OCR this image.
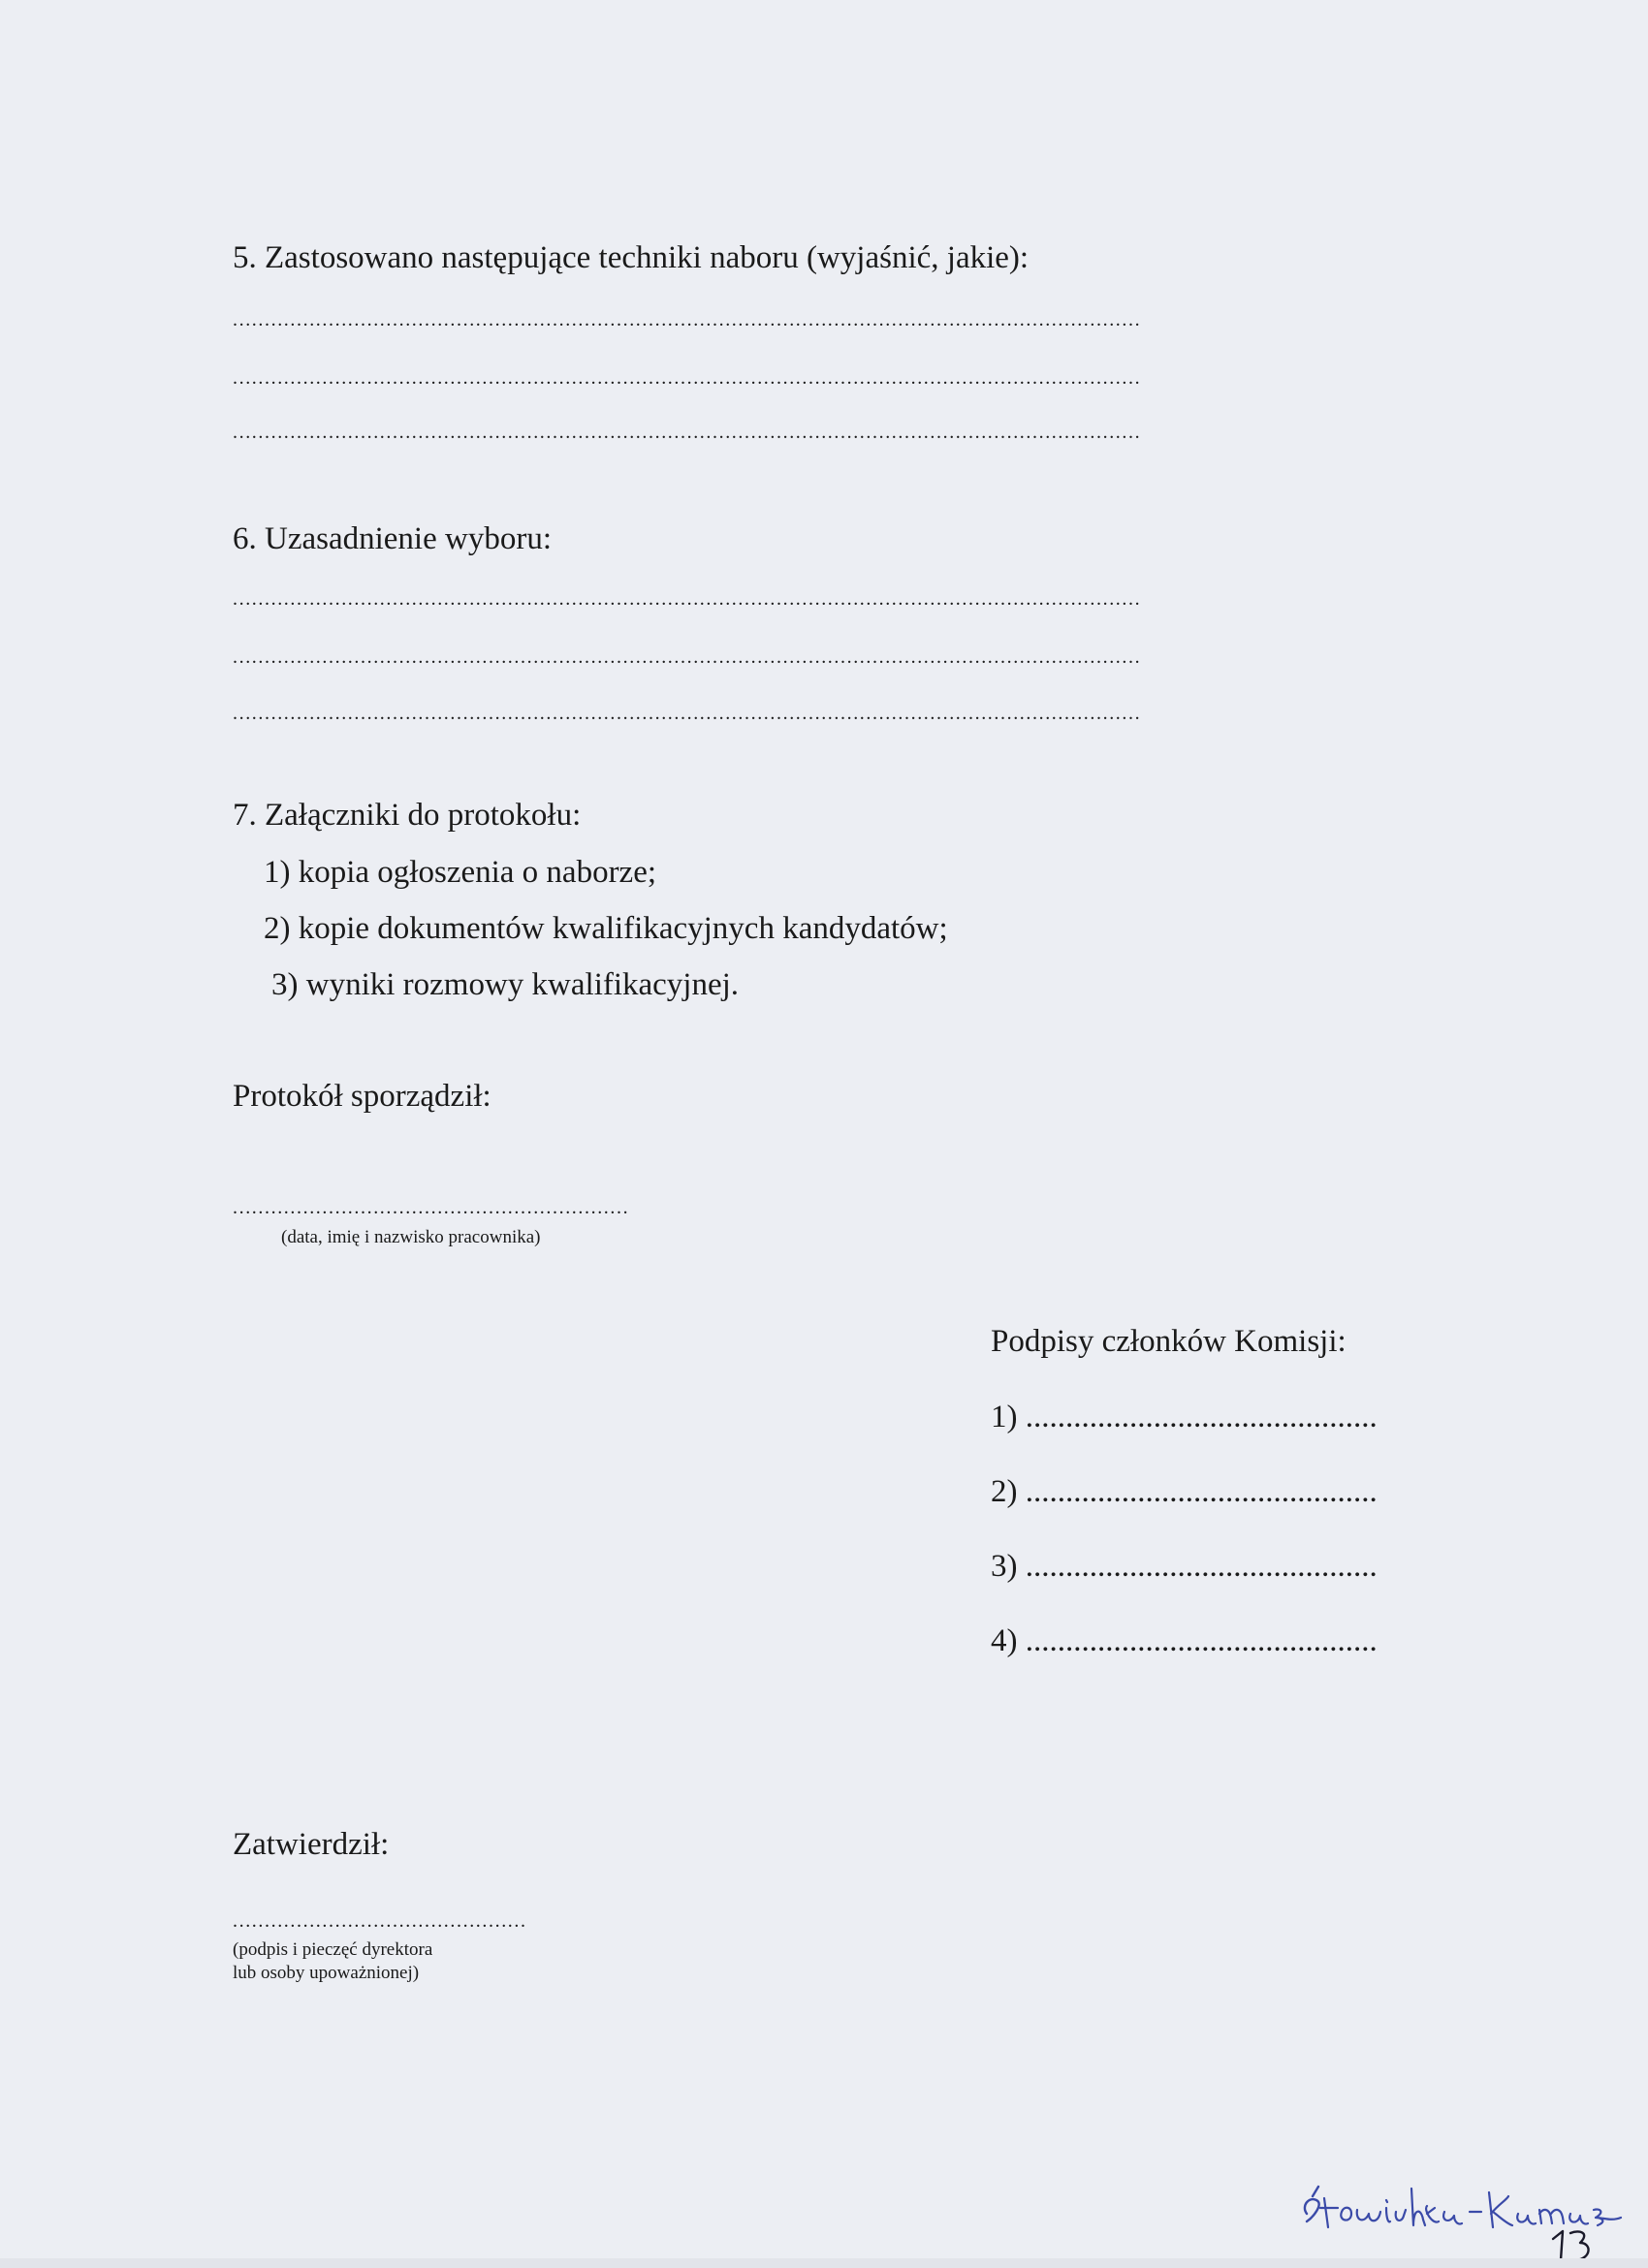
5. Zastosowano następujące techniki naboru (wyjaśnić, jakie):
..............................................................................................................................................
..............................................................................................................................................
..............................................................................................................................................
6. Uzasadnienie wyboru:
..............................................................................................................................................
..............................................................................................................................................
..............................................................................................................................................
7. Załączniki do protokołu:
1) kopia ogłoszenia o naborze;
2) kopie dokumentów kwalifikacyjnych kandydatów;
3) wyniki rozmowy kwalifikacyjnej.
Protokół sporządził:
..............................................................
(data, imię i nazwisko pracownika)
Podpisy członków Komisji:
1) ............................................
2) ............................................
3) ............................................
4) ............................................
Zatwierdził:
..............................................
(podpis i pieczęć dyrektora
lub osoby upoważnionej)
